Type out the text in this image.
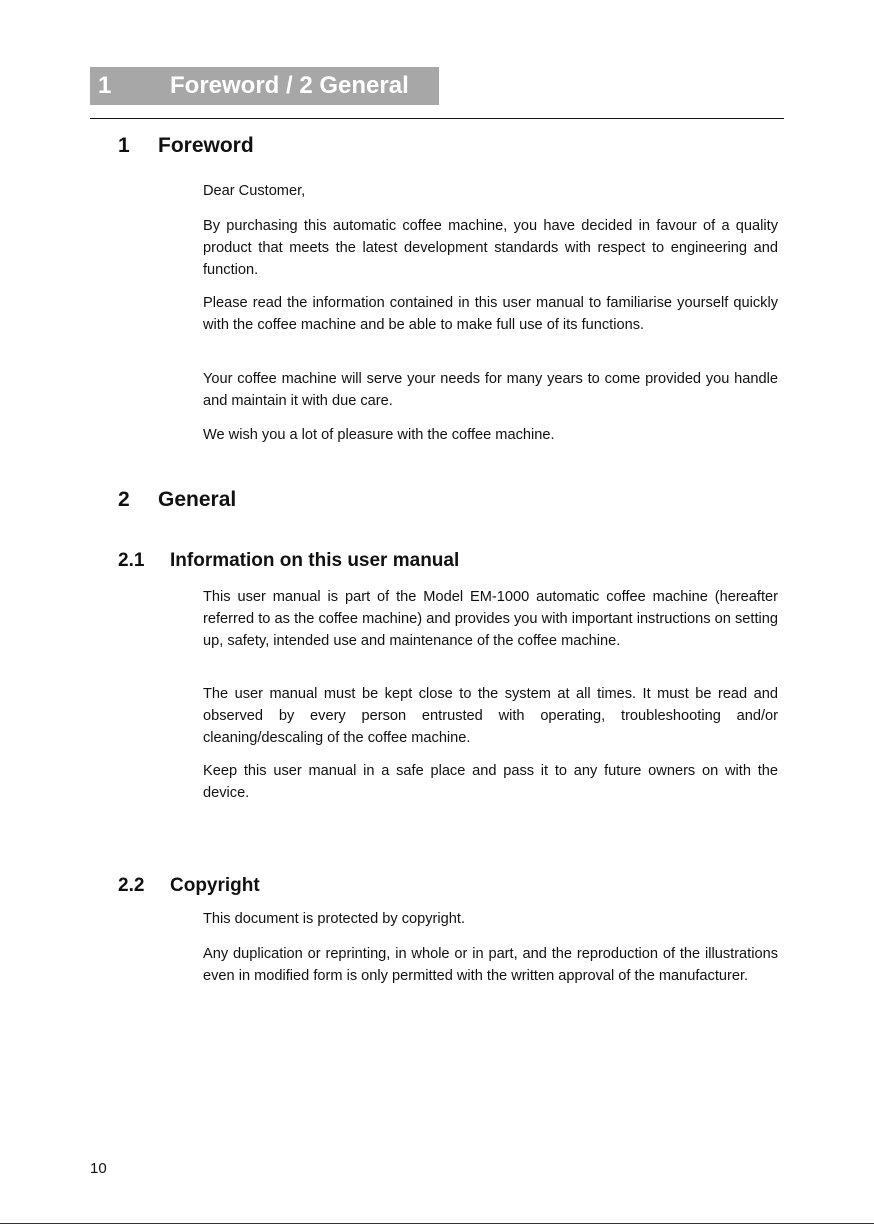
1 Foreword / 2 General
1 Foreword

Dear Customer,

By purchasing this automatic coffee machine, you have decided in favour of a quality product that meets the latest development standards with respect to engineering and function.

Please read the information contained in this user manual to familiarise yourself quickly with the coffee machine and be able to make full use of its functions.

Your coffee machine will serve your needs for many years to come provided you handle and maintain it with due care.

We wish you a lot of pleasure with the coffee machine.

2 General
2.1 Information on this user manual

This user manual is part of the Model EM-1000 automatic coffee machine (hereafter referred to as the coffee machine) and provides you with important instructions on setting up, safety, intended use and maintenance of the coffee machine.

The user manual must be kept close to the system at all times. It must be read and observed by every person entrusted with operating, troubleshooting and/or cleaning/descaling of the coffee machine.

Keep this user manual in a safe place and pass it to any future owners on with the device.

2.2 Copyright

This document is protected by copyright.

Any duplication or reprinting, in whole or in part, and the reproduction of the illustrations even in modified form is only permitted with the written approval of the manufacturer.

10
